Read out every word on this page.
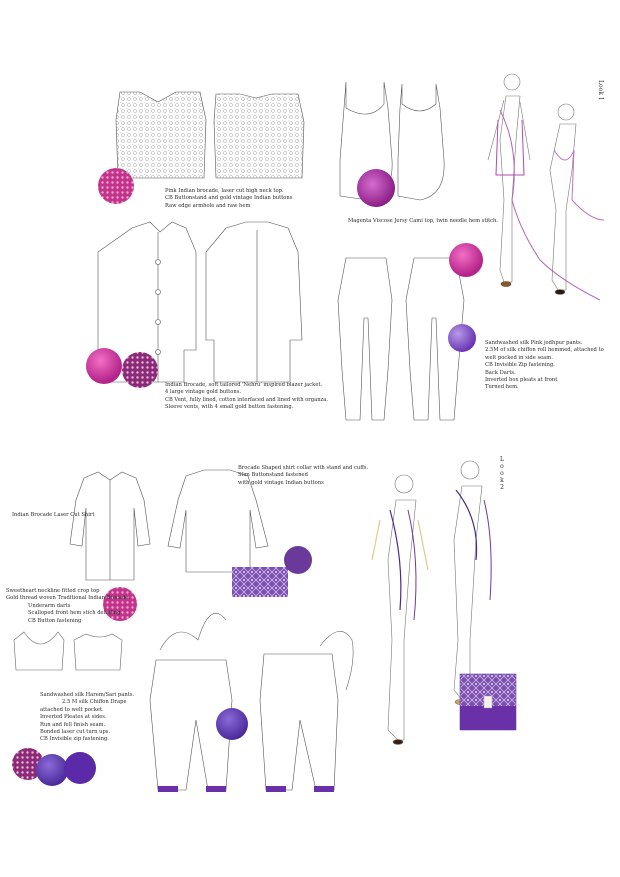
Look 1
Pink Indian brocade, laser cut high neck top.
CB Buttonstand and gold vintage Indian buttons
Raw edge armhole and raw hem
Magenta Viscose Jersy Cami top, twin needle hem stitch.
Indian Brocade, soft tailored 'Nehru' inspired blazer jacket.
4 large vintage gold buttons.
CB Vent, fully lined, cotton interfaced and lined with organza.
Sleeve vents, with 4 small gold button fastening.
Sandwashed silk Pink jodhpur pants.
2.5M of silk chiffon roll hemmed, attached to
welt pocked in side seam.
CB Invisible Zip fastening.
Back Darts.
Inverted box pleats at front
Turned hem.
L
o
o
k
2
Indian Brocade Laser Cut Shirt
Brocade Shaped shirt collar with stand and cuffs.
Slim Buttonstand fastened
with gold vintage Indian buttons
Sweetheart neckline fitted crop top
Gold thread woven Traditional Indian Brocade.
Underarm darts
Scalloped front hem stich detailing.
CB Button fastening
Sandwashed silk Harem/Sari pants.
2.5 M silk Chiffon Drape
attached to welt pocket.
Inverted Pleates at sides.
Run and fell finish seam.
Bonded laser cut turn ups.
CB Invisible zip fastening.
